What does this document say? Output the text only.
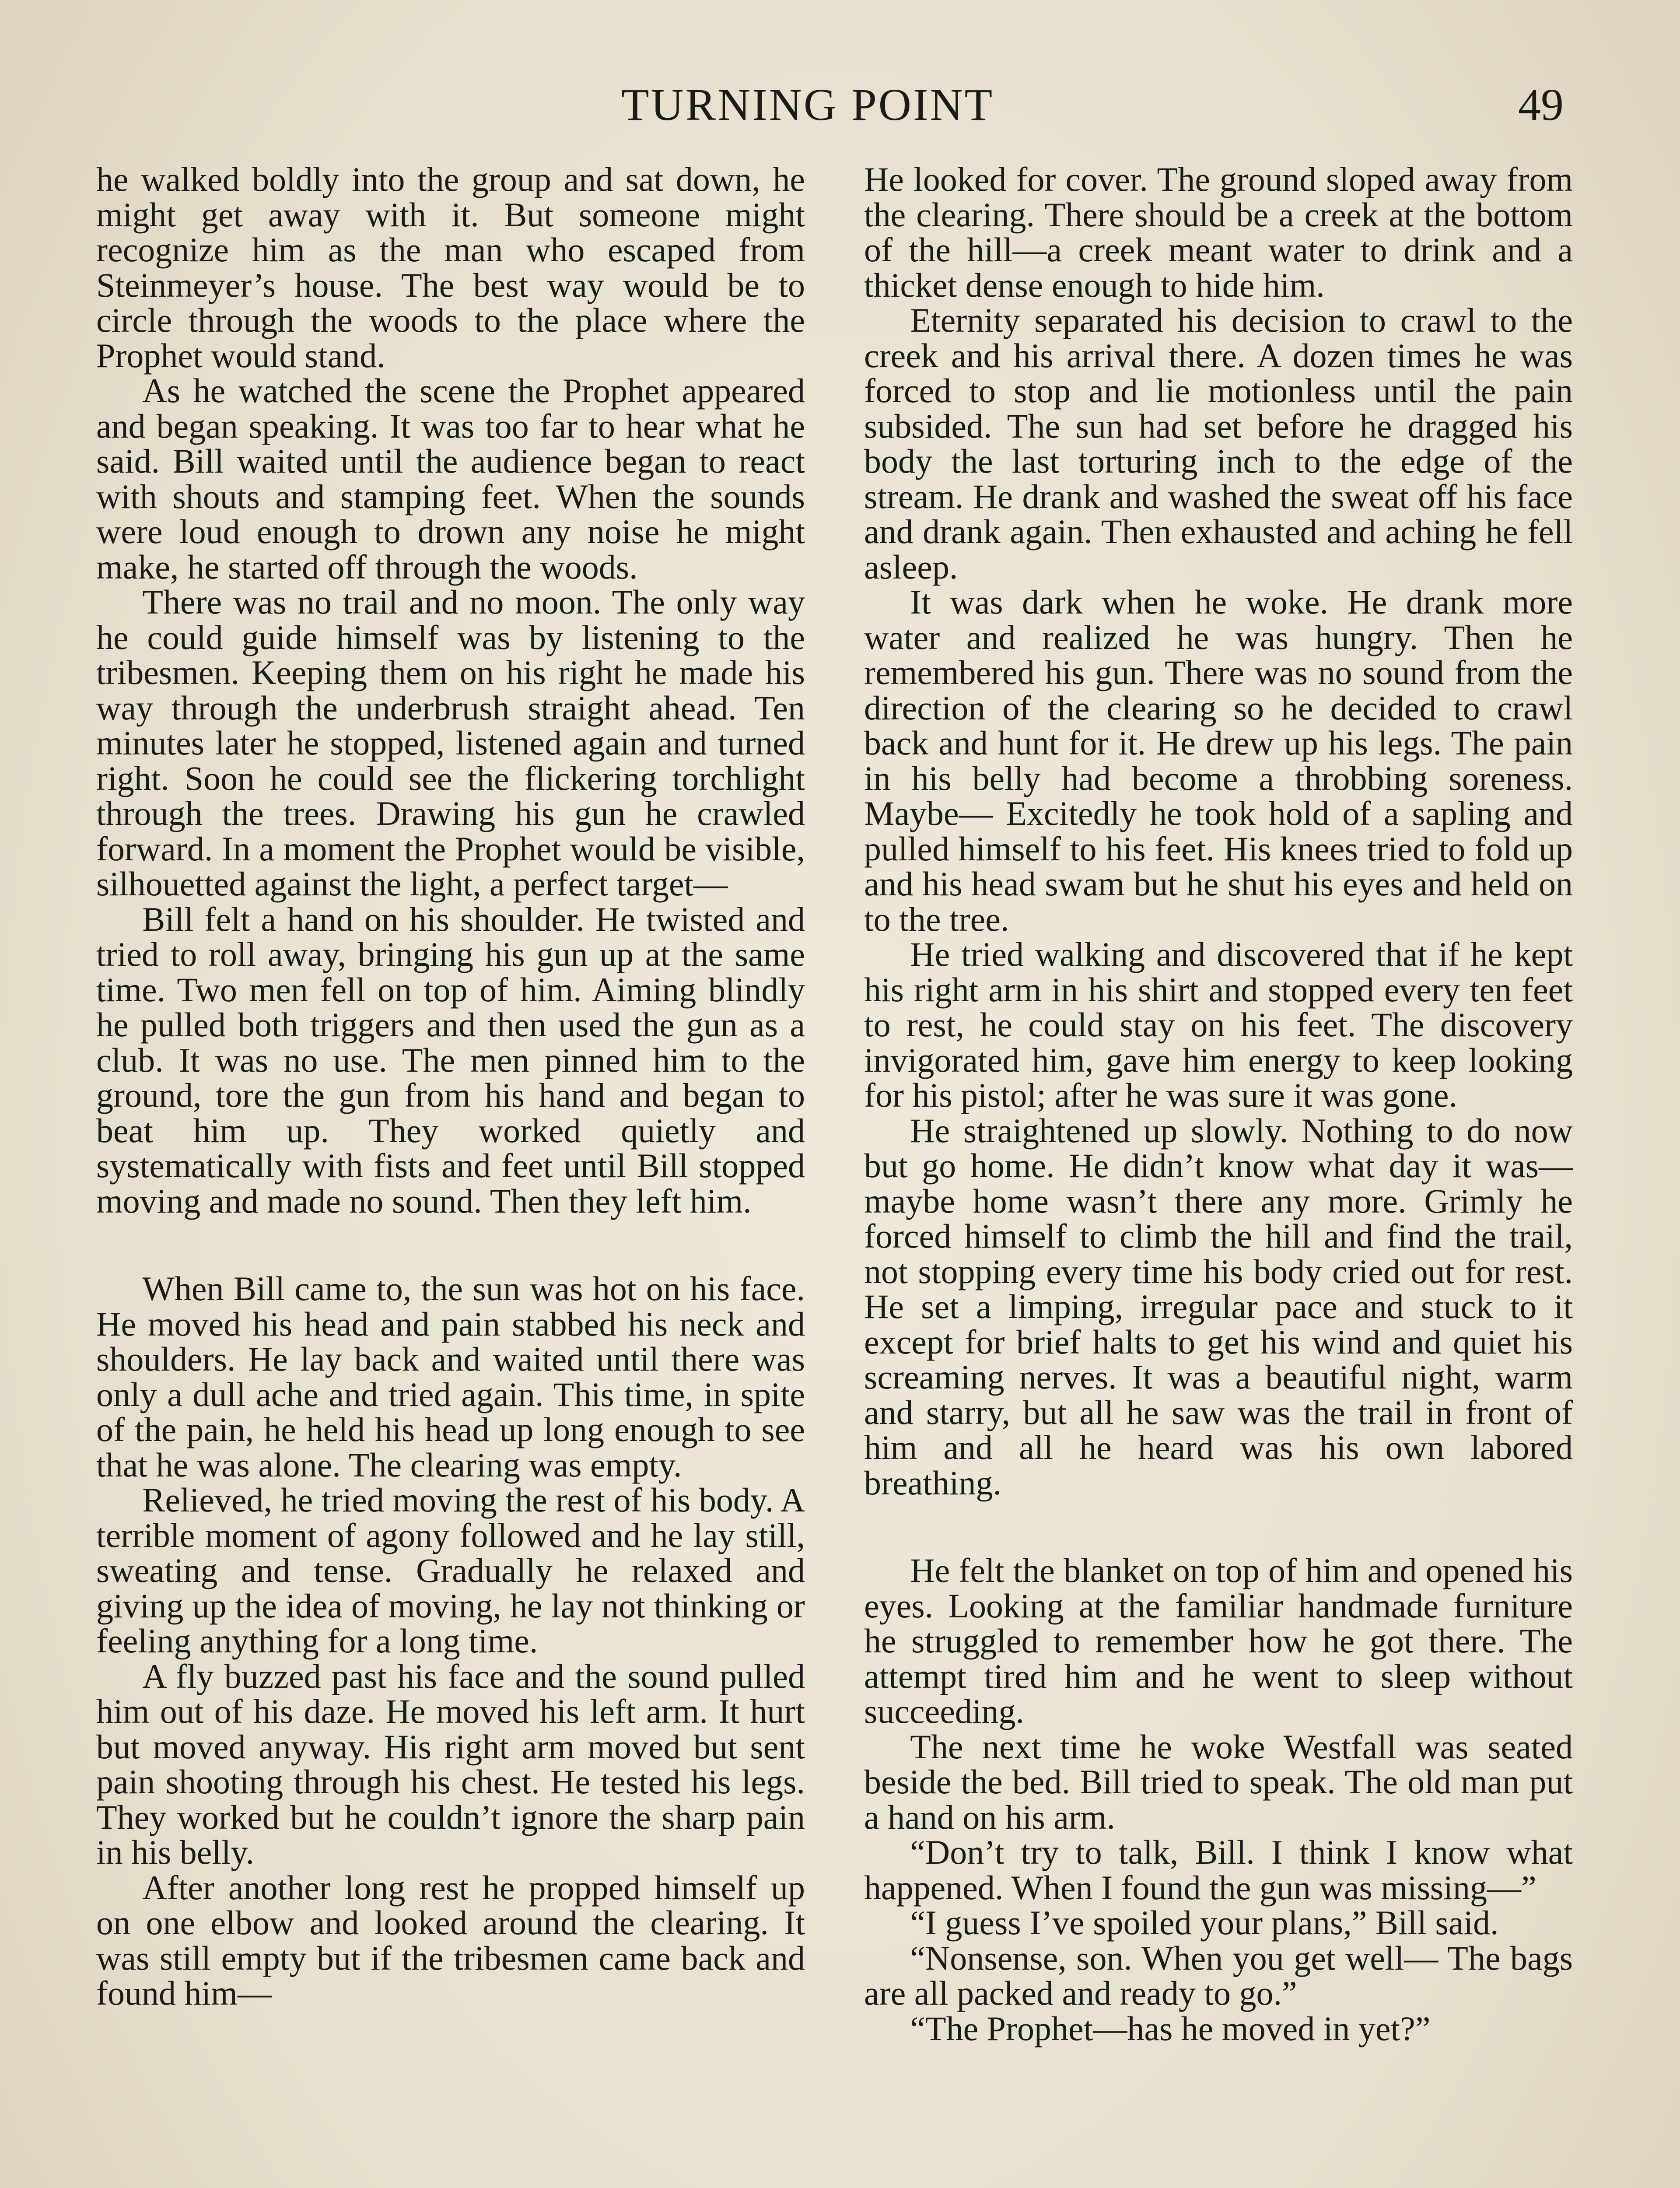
TURNING POINT	49

he walked boldly into the group and sat down, he might get away with it. But someone might recognize him as the man who escaped from Steinmeyer’s house. The best way would be to circle through the woods to the place where the Prophet would stand.

As he watched the scene the Prophet appeared and began speaking. It was too far to hear what he said. Bill waited until the audience began to react with shouts and stamping feet. When the sounds were loud enough to drown any noise he might make, he started off through the woods.

There was no trail and no moon. The only way he could guide himself was by listening to the tribesmen. Keeping them on his right he made his way through the underbrush straight ahead. Ten minutes later he stopped, listened again and turned right. Soon he could see the flickering torchlight through the trees. Drawing his gun he crawled forward. In a moment the Prophet would be visible, silhouetted against the light, a perfect target—

Bill felt a hand on his shoulder. He twisted and tried to roll away, bringing his gun up at the same time. Two men fell on top of him. Aiming blindly he pulled both triggers and then used the gun as a club. It was no use. The men pinned him to the ground, tore the gun from his hand and began to beat him up. They worked quietly and systematically with fists and feet until Bill stopped moving and made no sound. Then they left him.

When Bill came to, the sun was hot on his face. He moved his head and pain stabbed his neck and shoulders. He lay back and waited until there was only a dull ache and tried again. This time, in spite of the pain, he held his head up long enough to see that he was alone. The clearing was empty.

Relieved, he tried moving the rest of his body. A terrible moment of agony followed and he lay still, sweating and tense. Gradually he relaxed and giving up the idea of moving, he lay not thinking or feeling anything for a long time.

A fly buzzed past his face and the sound pulled him out of his daze. He moved his left arm. It hurt but moved anyway. His right arm moved but sent pain shooting through his chest. He tested his legs. They worked but he couldn’t ignore the sharp pain in his belly.

After another long rest he propped himself up on one elbow and looked around the clearing. It was still empty but if the tribesmen came back and found him—

He looked for cover. The ground sloped away from the clearing. There should be a creek at the bottom of the hill—a creek meant water to drink and a thicket dense enough to hide him.

Eternity separated his decision to crawl to the creek and his arrival there. A dozen times he was forced to stop and lie motionless until the pain subsided. The sun had set before he dragged his body the last torturing inch to the edge of the stream. He drank and washed the sweat off his face and drank again. Then exhausted and aching he fell asleep.

It was dark when he woke. He drank more water and realized he was hungry. Then he remembered his gun. There was no sound from the direction of the clearing so he decided to crawl back and hunt for it. He drew up his legs. The pain in his belly had become a throbbing soreness. Maybe— Excitedly he took hold of a sapling and pulled himself to his feet. His knees tried to fold up and his head swam but he shut his eyes and held on to the tree.

He tried walking and discovered that if he kept his right arm in his shirt and stopped every ten feet to rest, he could stay on his feet. The discovery invigorated him, gave him energy to keep looking for his pistol; after he was sure it was gone.

He straightened up slowly. Nothing to do now but go home. He didn’t know what day it was—maybe home wasn’t there any more. Grimly he forced himself to climb the hill and find the trail, not stopping every time his body cried out for rest. He set a limping, irregular pace and stuck to it except for brief halts to get his wind and quiet his screaming nerves. It was a beautiful night, warm and starry, but all he saw was the trail in front of him and all he heard was his own labored breathing.

He felt the blanket on top of him and opened his eyes. Looking at the familiar handmade furniture he struggled to remember how he got there. The attempt tired him and he went to sleep without succeeding.

The next time he woke Westfall was seated beside the bed. Bill tried to speak. The old man put a hand on his arm.

“Don’t try to talk, Bill. I think I know what happened. When I found the gun was missing—”

“I guess I’ve spoiled your plans,” Bill said.

“Nonsense, son. When you get well— The bags are all packed and ready to go.”

“The Prophet—has he moved in yet?”
